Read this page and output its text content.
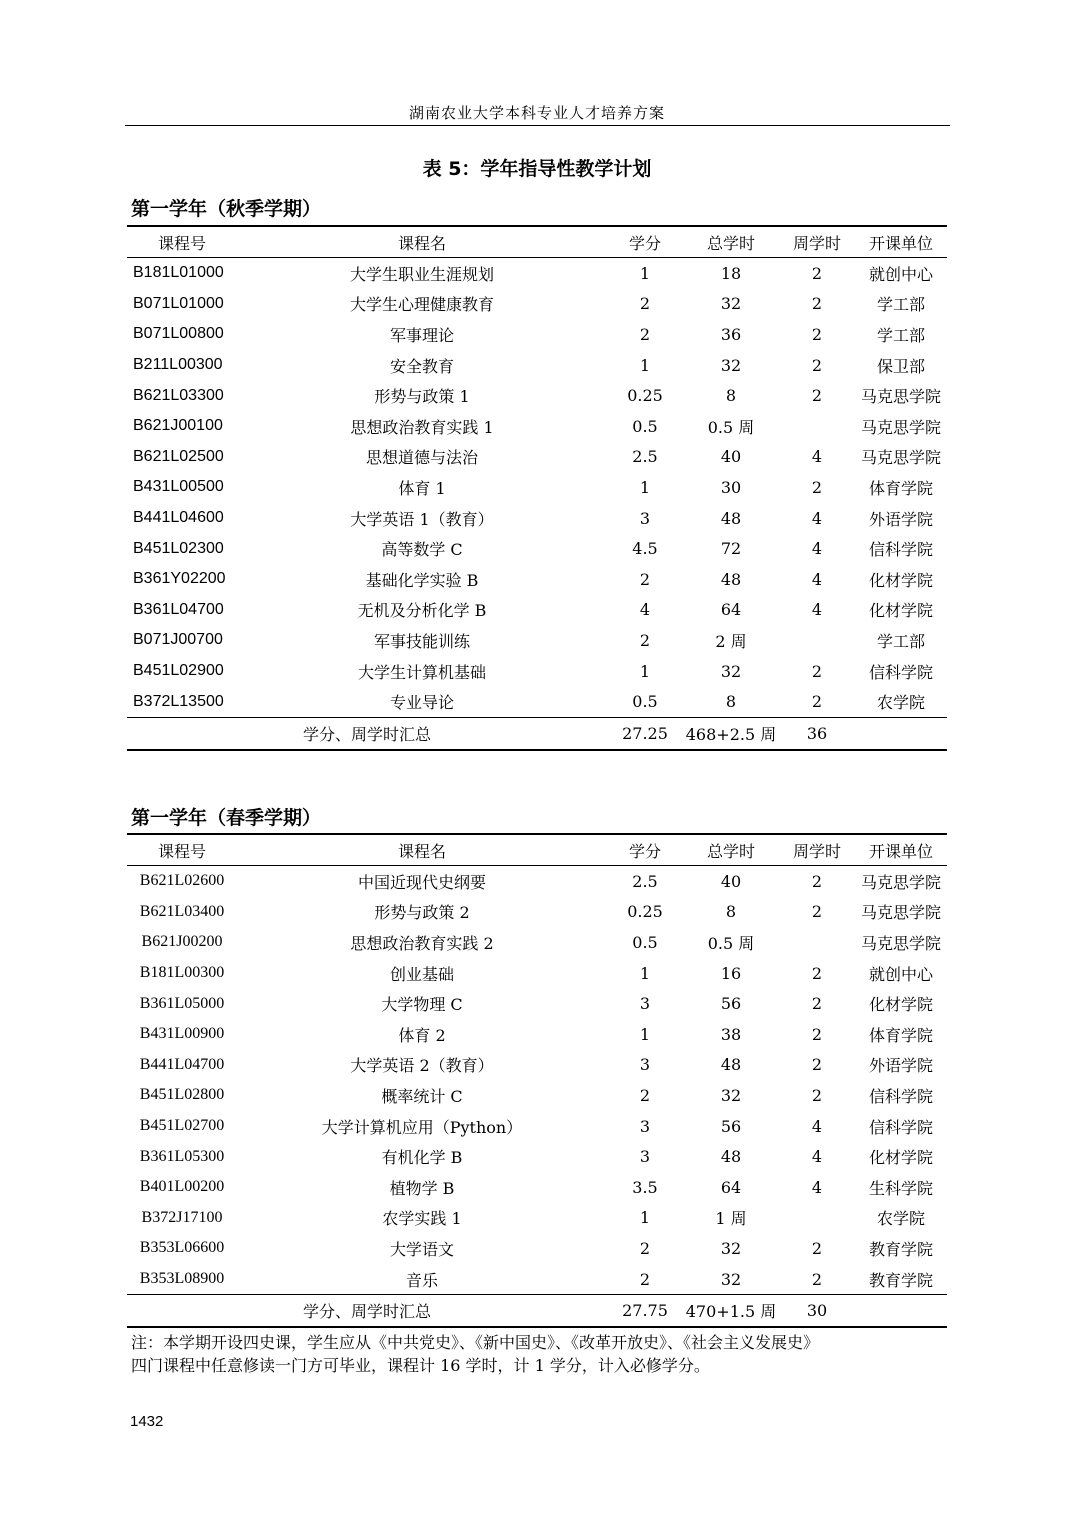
湖南农业大学本科专业人才培养方案
表 5：学年指导性教学计划
第一学年（秋季学期）
课程号	课程名	学分	总学时	周学时	开课单位
B181L01000	大学生职业生涯规划	1	18	2	就创中心
B071L01000	大学生心理健康教育	2	32	2	学工部
B071L00800	军事理论	2	36	2	学工部
B211L00300	安全教育	1	32	2	保卫部
B621L03300	形势与政策 1	0.25	8	2	马克思学院
B621J00100	思想政治教育实践 1	0.5	0.5 周		马克思学院
B621L02500	思想道德与法治	2.5	40	4	马克思学院
B431L00500	体育 1	1	30	2	体育学院
B441L04600	大学英语 1（教育）	3	48	4	外语学院
B451L02300	高等数学 C	4.5	72	4	信科学院
B361Y02200	基础化学实验 B	2	48	4	化材学院
B361L04700	无机及分析化学 B	4	64	4	化材学院
B071J00700	军事技能训练	2	2 周		学工部
B451L02900	大学生计算机基础	1	32	2	信科学院
B372L13500	专业导论	0.5	8	2	农学院
学分、周学时汇总		27.25	468+2.5 周	36	
第一学年（春季学期）
课程号	课程名	学分	总学时	周学时	开课单位
B621L02600	中国近现代史纲要	2.5	40	2	马克思学院
B621L03400	形势与政策 2	0.25	8	2	马克思学院
B621J00200	思想政治教育实践 2	0.5	0.5 周		马克思学院
B181L00300	创业基础	1	16	2	就创中心
B361L05000	大学物理 C	3	56	2	化材学院
B431L00900	体育 2	1	38	2	体育学院
B441L04700	大学英语 2（教育）	3	48	2	外语学院
B451L02800	概率统计 C	2	32	2	信科学院
B451L02700	大学计算机应用（Python）	3	56	4	信科学院
B361L05300	有机化学 B	3	48	4	化材学院
B401L00200	植物学 B	3.5	64	4	生科学院
B372J17100	农学实践 1	1	1 周		农学院
B353L06600	大学语文	2	32	2	教育学院
B353L08900	音乐	2	32	2	教育学院
学分、周学时汇总		27.75	470+1.5 周	30	
注：本学期开设四史课，学生应从《中共党史》、《新中国史》、《改革开放史》、《社会主义发展史》
四门课程中任意修读一门方可毕业，课程计 16 学时，计 1 学分，计入必修学分。
1432
